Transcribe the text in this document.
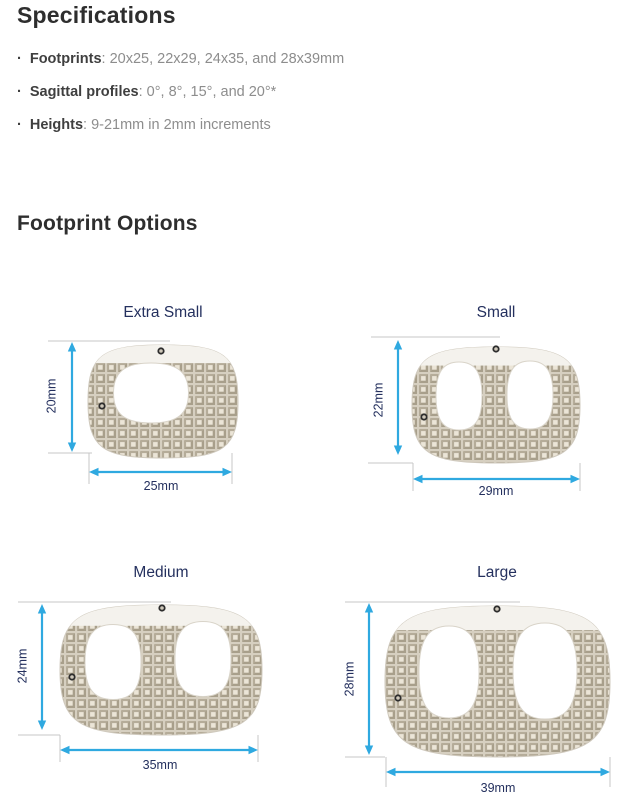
Specifications
· Footprints : 20x25, 22x29, 24x35, and 28x39mm
· Sagittal profiles : 0°, 8°, 15°, and 20°*
· Heights : 9-21mm in 2mm increments
Footprint Options
Extra Small
20mm
25mm
Small
22mm
29mm
Medium
24mm
35mm
Large
28mm
39mm
